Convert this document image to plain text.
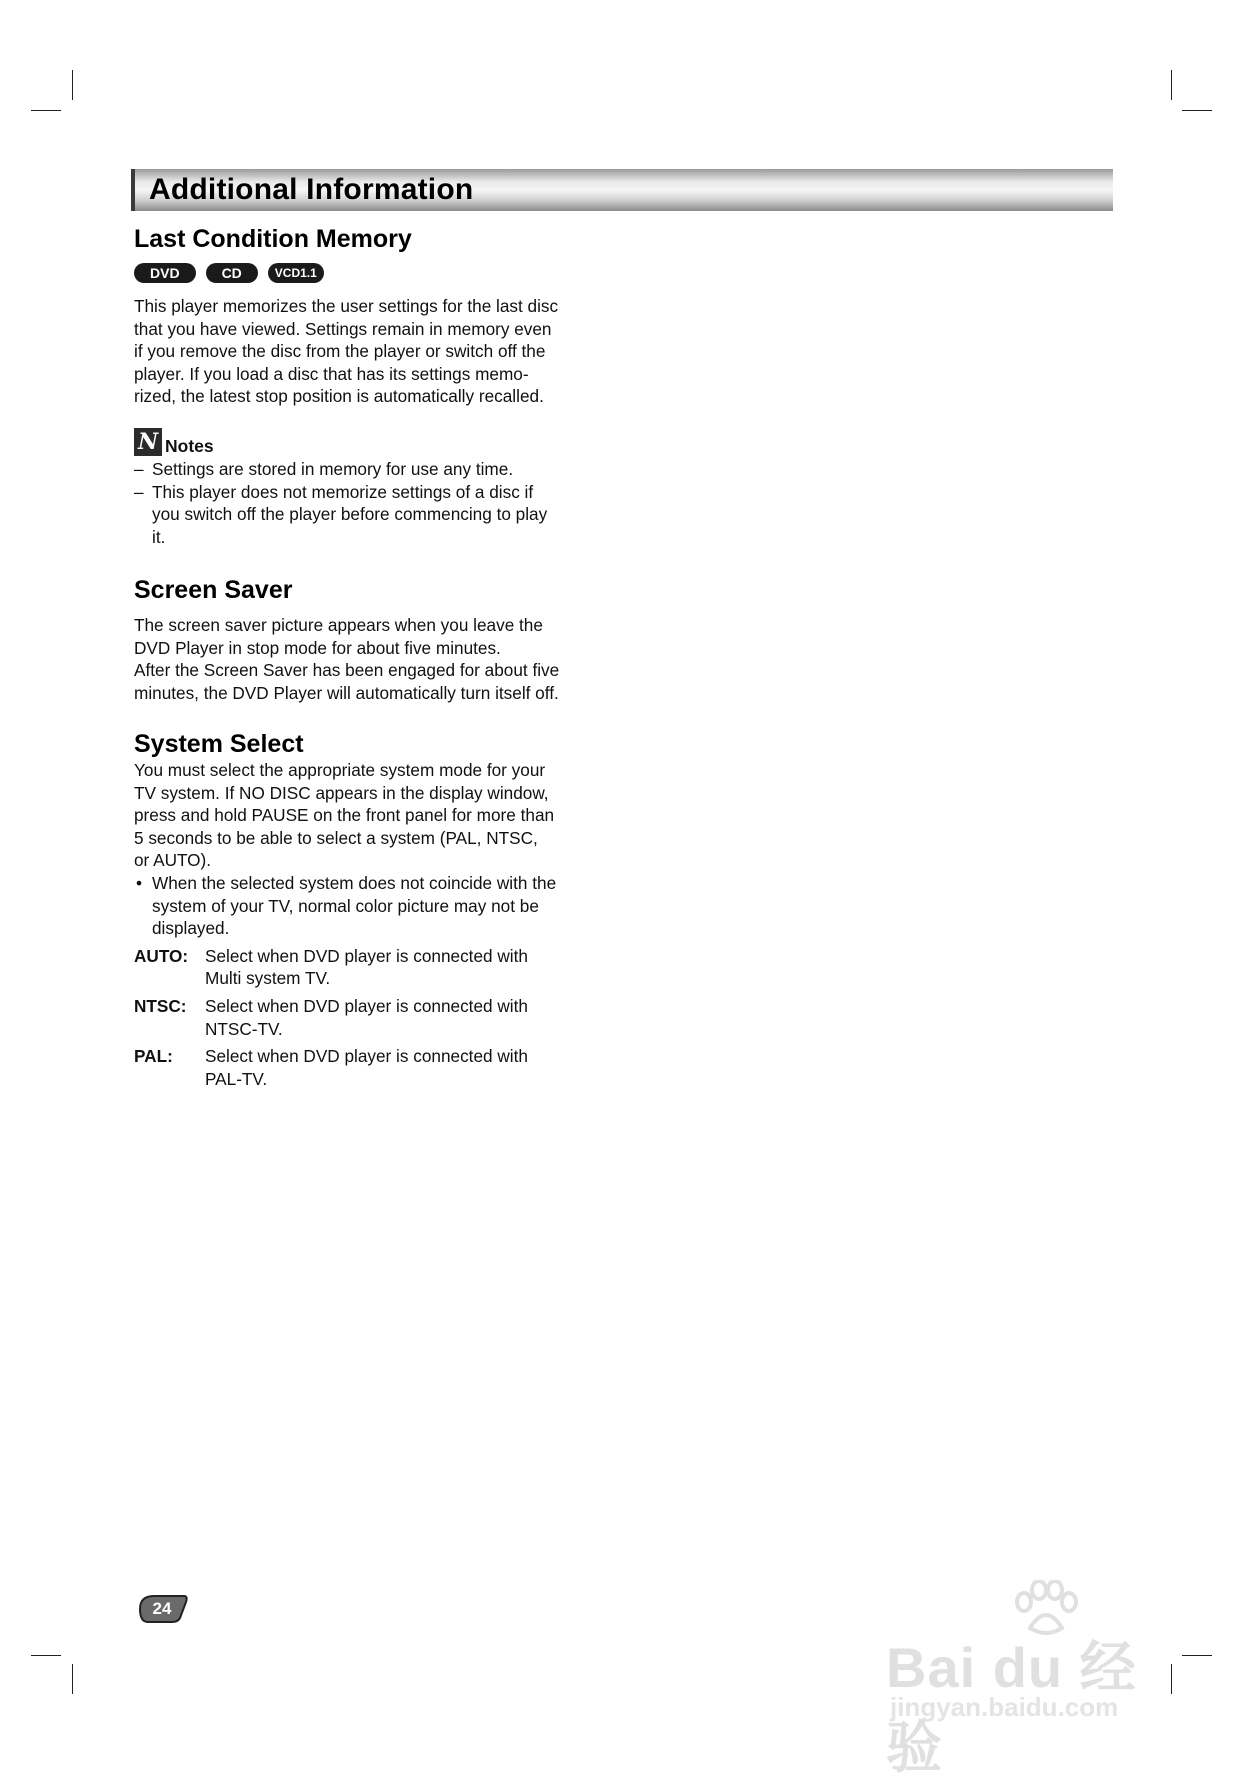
Additional Information
Last Condition Memory
DVD	CD	VCD1.1

This player memorizes the user settings for the last disc
that you have viewed. Settings remain in memory even
if you remove the disc from the player or switch off the
player. If you load a disc that has its settings memo-
rized, the latest stop position is automatically recalled.

N Notes
– Settings are stored in memory for use any time.
– This player does not memorize settings of a disc if
you switch off the player before commencing to play
it.
Screen Saver

The screen saver picture appears when you leave the
DVD Player in stop mode for about five minutes.
After the Screen Saver has been engaged for about five
minutes, the DVD Player will automatically turn itself off.

System Select

You must select the appropriate system mode for your
TV system. If NO DISC appears in the display window,
press and hold PAUSE on the front panel for more than
5 seconds to be able to select a system (PAL, NTSC,
or AUTO).

• When the selected system does not coincide with the
system of your TV, normal color picture may not be
displayed.
AUTO: Select when DVD player is connected with
Multi system TV.
NTSC:	Select when DVD player is connected with
NTSC-TV.
PAL:	Select when DVD player is connected with
PAL-TV.
24
Bai du 经验
jingyan.baidu.com
